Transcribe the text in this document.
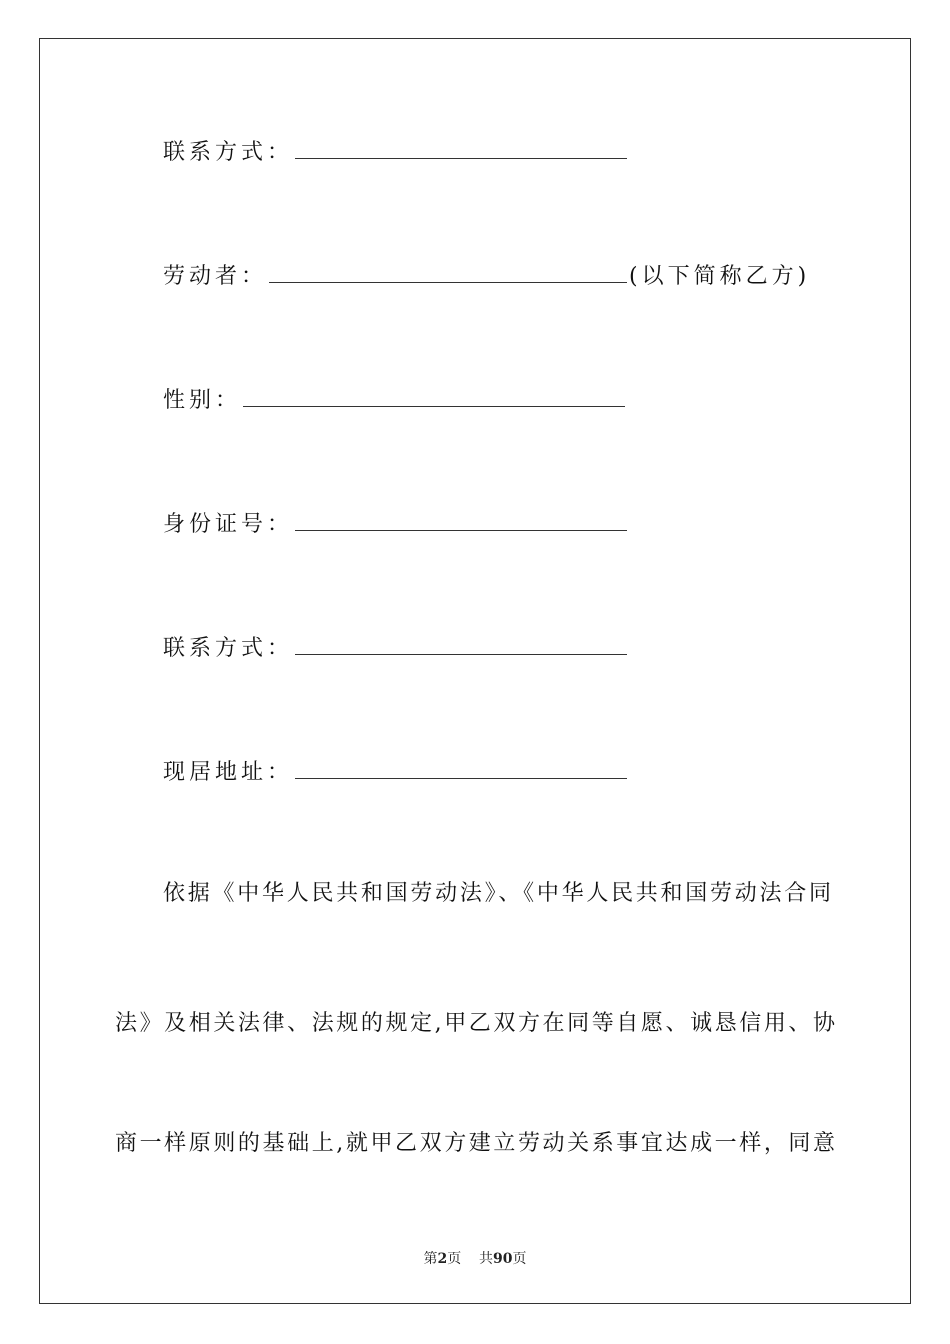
联系方式：
劳动者：	(以下简称乙方)
性别：
身份证号：
联系方式：
现居地址：
依据《中华人民共和国劳动法》、《中华人民共和国劳动法合同
法》及相关法律、法规的规定,甲乙双方在同等自愿、诚恳信用、协
商一样原则的基础上,就甲乙双方建立劳动关系事宜达成一样，同意
第2页 共90页
